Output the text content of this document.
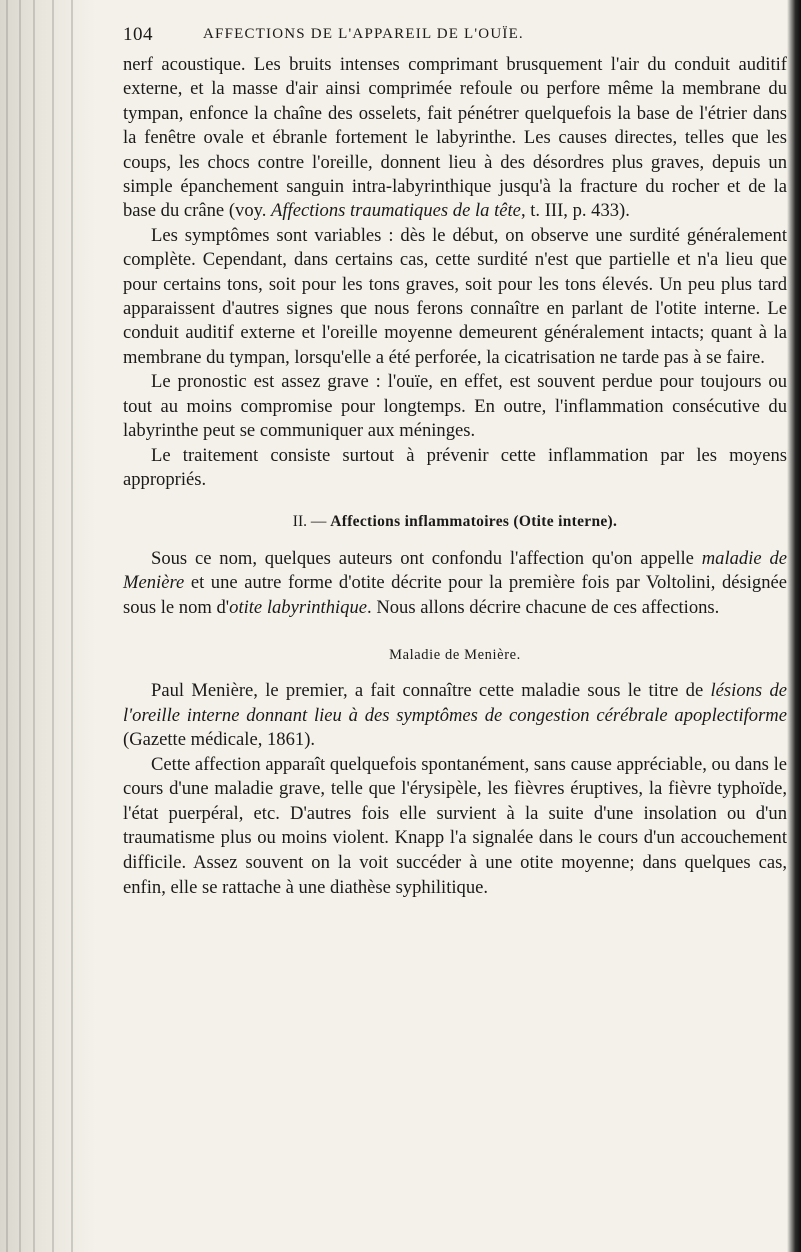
104	AFFECTIONS DE L'APPAREIL DE L'OUÏE.

nerf acoustique. Les bruits intenses comprimant brusquement l'air du conduit auditif externe, et la masse d'air ainsi comprimée refoule ou perfore même la membrane du tympan, enfonce la chaîne des osselets, fait pénétrer quelquefois la base de l'étrier dans la fenêtre ovale et ébranle fortement le labyrinthe. Les causes directes, telles que les coups, les chocs contre l'oreille, donnent lieu à des désordres plus graves, depuis un simple épanchement sanguin intra-labyrinthique jusqu'à la fracture du rocher et de la base du crâne (voy. Affections traumatiques de la tête, t. III, p. 433).

Les symptômes sont variables : dès le début, on observe une surdité généralement complète. Cependant, dans certains cas, cette surdité n'est que partielle et n'a lieu que pour certains tons, soit pour les tons graves, soit pour les tons élevés. Un peu plus tard apparaissent d'autres signes que nous ferons connaître en parlant de l'otite interne. Le conduit auditif externe et l'oreille moyenne demeurent généralement intacts; quant à la membrane du tympan, lorsqu'elle a été perforée, la cicatrisation ne tarde pas à se faire.

Le pronostic est assez grave : l'ouïe, en effet, est souvent perdue pour toujours ou tout au moins compromise pour longtemps. En outre, l'inflammation consécutive du labyrinthe peut se communiquer aux méninges.

Le traitement consiste surtout à prévenir cette inflammation par les moyens appropriés.

II. — Affections inflammatoires (Otite interne).

Sous ce nom, quelques auteurs ont confondu l'affection qu'on appelle maladie de Menière et une autre forme d'otite décrite pour la première fois par Voltolini, désignée sous le nom d'otite labyrinthique. Nous allons décrire chacune de ces affections.

Maladie de Menière.

Paul Menière, le premier, a fait connaître cette maladie sous le titre de lésions de l'oreille interne donnant lieu à des symptômes de congestion cérébrale apoplectiforme (Gazette médicale, 1861).

Cette affection apparaît quelquefois spontanément, sans cause appréciable, ou dans le cours d'une maladie grave, telle que l'érysipèle, les fièvres éruptives, la fièvre typhoïde, l'état puerpéral, etc. D'autres fois elle survient à la suite d'une insolation ou d'un traumatisme plus ou moins violent. Knapp l'a signalée dans le cours d'un accouchement difficile. Assez souvent on la voit succéder à une otite moyenne; dans quelques cas, enfin, elle se rattache à une diathèse syphilitique.
